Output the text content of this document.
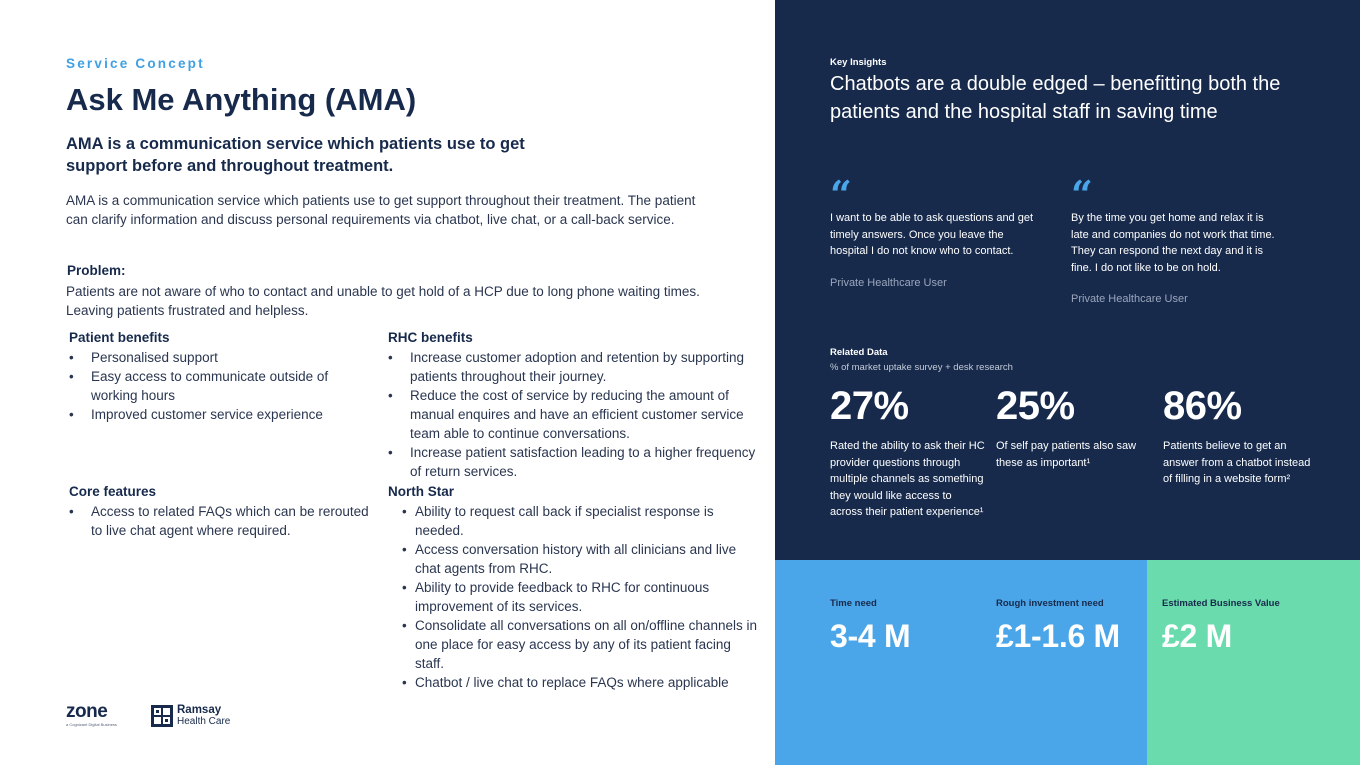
Service Concept
Ask Me Anything (AMA)
AMA is a communication service which patients use to get support before and throughout treatment.

AMA is a communication service which patients use to get support throughout their treatment. The patient can clarify information and discuss personal requirements via chatbot, live chat, or a call-back service.

Problem:

Patients are not aware of who to contact and unable to get hold of a HCP due to long phone waiting times. Leaving patients frustrated and helpless.

Patient benefits
• Personalised support
• Easy access to communicate outside of working hours
• Improved customer service experience
RHC benefits
• Increase customer adoption and retention by supporting patients throughout their journey.
• Reduce the cost of service by reducing the amount of manual enquires and have an efficient customer service team able to continue conversations.
• Increase patient satisfaction leading to a higher frequency of return services.
Core features
• Access to related FAQs which can be rerouted to live chat agent where required.
North Star
• Ability to request call back if specialist response is needed.
• Access conversation history with all clinicians and live chat agents from RHC.
• Ability to provide feedback to RHC for continuous improvement of its services.
• Consolidate all conversations on all on/offline channels in one place for easy access by any of its patient facing staff.
• Chatbot / live chat to replace FAQs where applicable
zone
a Cognizant Digital Business
Ramsay
Health Care
Key Insights
Chatbots are a double edged – benefitting both the patients and the hospital staff in saving time
“
I want to be able to ask questions and get timely answers. Once you leave the hospital I do not know who to contact.
Private Healthcare User
“
By the time you get home and relax it is late and companies do not work that time. They can respond the next day and it is fine. I do not like to be on hold.
Private Healthcare User
Related Data
% of market uptake survey + desk research
27%
Rated the ability to ask their HC provider questions through multiple channels as something they would like access to across their patient experience¹
25%
Of self pay patients also saw these as important¹
86%
Patients believe to get an answer from a chatbot instead of filling in a website form²
Time need
3-4 M
Rough investment need
£1-1.6 M
Estimated Business Value
£2 M
